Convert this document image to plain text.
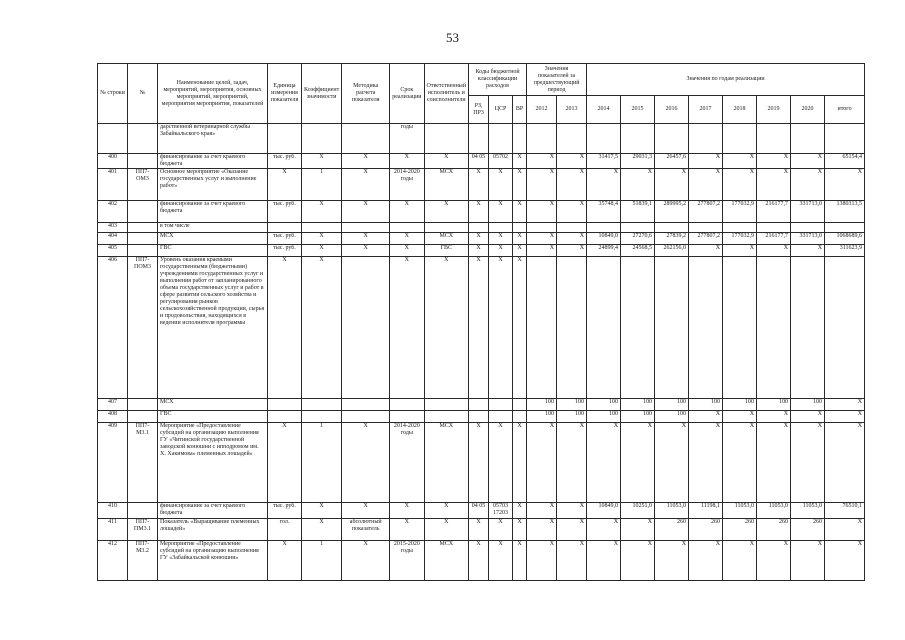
53
№ строки	№	Наименование целей, задач, мероприятий, мероприятия, основных мероприятий, мероприятий, мероприятия мероприятия, показателей	Единица измерения показателя	Коэффициент значимости	Методика расчета показателя	Срок реализации	Ответственный исполнитель и соисполнители	Коды бюджетной классификации расходов			Значения показателей за предшествующий период		Значения по годам реализации							
								РЗ, ПР3	ЦСР	ВР	2012	2013	2014	2015	2016	2017	2018	2019	2020	итого
		дарственной ветеринарной службы Забайкальского края»				годы														
400		финансирование за счет краевого бюджета	тыс. руб.	X	X	X	X	04 05	05702	X	X	X	31417,5	29031,3	26457,6	X	X	X	X	65154,4
401	ПП7-ОМ3	Основное мероприятие «Оказание государственных услуг и выполнение работ»	X	1	X	2014-2020 годы	МСХ	X	X	X	X	X	X	X	X	X	X	X	X	X
402		финансирование за счет краевого бюджета	тыс. руб.	X	X	X	X	X	X	X	X	X	35748,4	51839,1	289995,2	277807,2	177032,9	216177,7	331713,0	1380313,5
403		в том числе																		
404		МСХ	тыс. руб.	X	X	X	МСХ	X	X	X	X	X	10849,0	27270,6	27839,2	277807,2	177032,9	216177,7	331713,0	1068689,6
405		ГВС	тыс. руб.	X	X	X	ГВС	X	X	X	X	X	24899,4	24568,5	262156,0	X	X	X	X	311623,9
406	ПП7-ПОМ3	Уровень оказания краевыми государственными (бюджетными) учреждениями государственных услуг и выполнения работ от запланированного объема государственных услуг и работ в сфере развития сельского хозяйства и регулирования рынков сельскохозяйственной продукции, сырья и продовольствия, находящихся в ведении исполнителя программы	X	X		X	X	X	X	X										
407		МСХ									100	100	100	100	100	100	100	100	100	X
408		ГВС									100	100	100	100	100	X	X	X	X	X
409	ПП7-М3.1	Мероприятие «Предоставление субсидий на организацию выполнения ГУ «Читинской государственной заводской конюшни с ипподромом им. Х. Хакимова» племенных лошадей»	X	1	X	2014-2020 годы	МСХ	X	X	X	X	X	X	X	X	X	X	X	X	X
410		финансирование за счет краевого бюджета	тыс. руб.	X	X	X	X	04 05	05703 17203	X	X	X	10849,0	10251,0	11053,0	11198,1	11053,0	11053,0	11053,0	76510,1
411	ПП7-ПМ3.1	Показатель «Выращивание племенных лошадей»	гол.	X	абсолютный показатель	X	X	X	X	X	X	X	X	X	260	260	260	260	260	X
412	ПП7-М3.2	Мероприятие «Предоставление субсидий на организацию выполнения ГУ «Забайкальской конюшни»	X	1	X	2015-2020 годы	МСХ	X	X	X	X	X	X	X	X	X	X	X	X	X
